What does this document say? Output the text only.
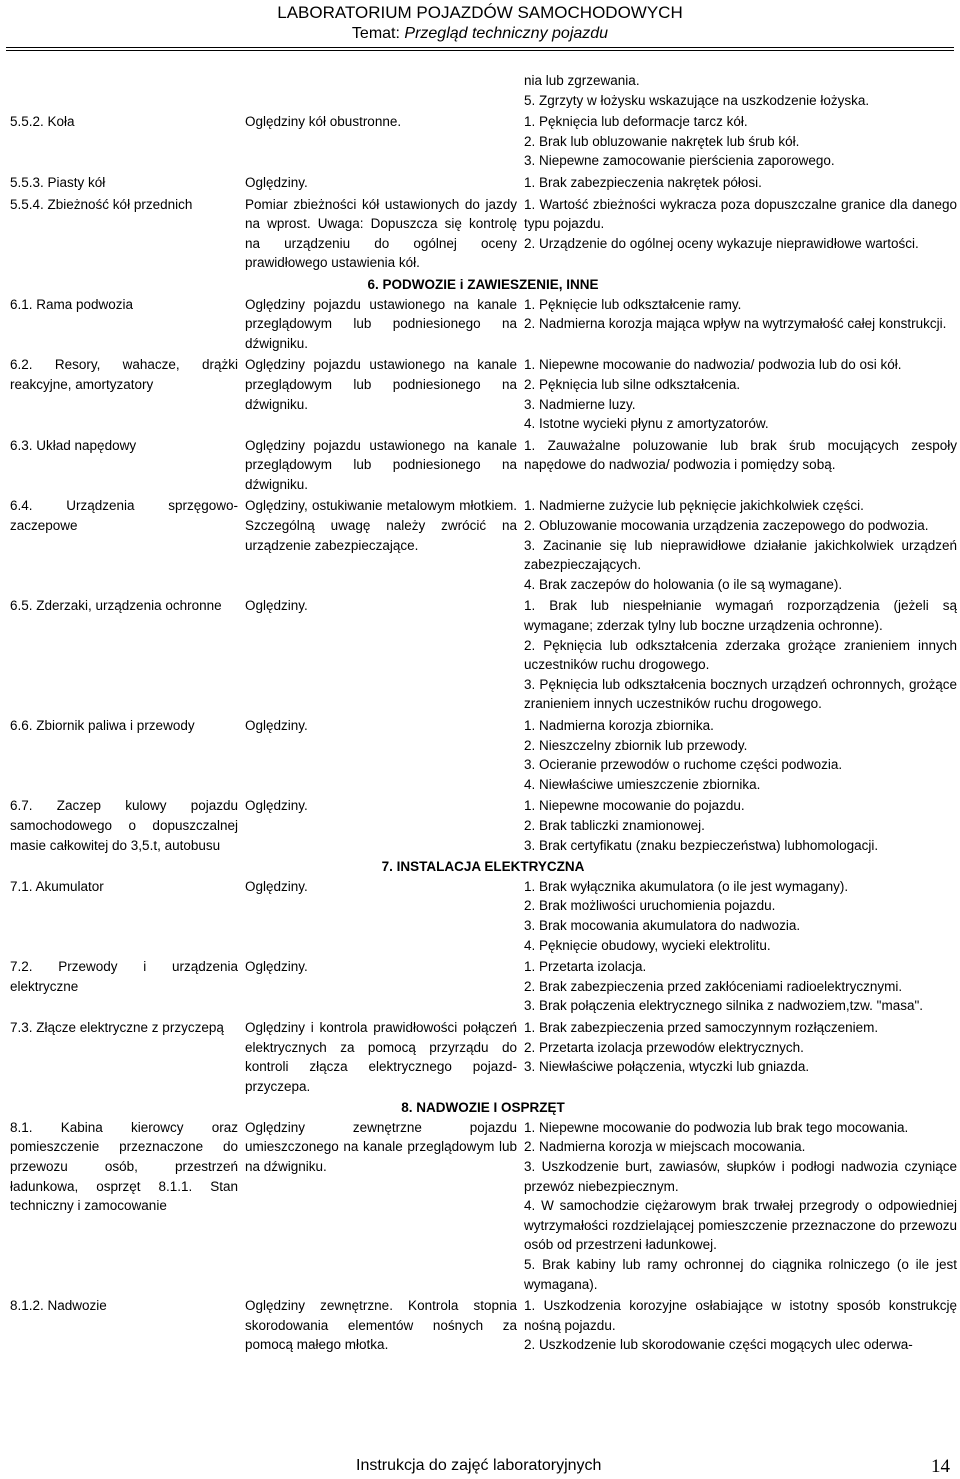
LABORATORIUM POJAZDÓW SAMOCHODOWYCH
Temat: Przegląd techniczny pojazdu

		nia lub zgrzewania.
5. Zgrzyty w łożysku wskazujące na uszkodzenie łożyska.

5.5.2. Koła	Oględziny kół obustronne.	1. Pęknięcia lub deformacje tarcz kół.
2. Brak lub obluzowanie nakrętek lub śrub kół.
3. Niepewne zamocowanie pierścienia zaporowego.

5.5.3. Piasty kół	Oględziny.	1. Brak zabezpieczenia nakrętek półosi.

5.5.4. Zbieżność kół przednich	Pomiar zbieżności kół ustawionych do jazdy na wprost. Uwaga: Dopuszcza się kontrolę na urządzeniu do ogólnej oceny prawidłowego ustawienia kół.	1. Wartość zbieżności wykracza poza dopuszczalne granice dla danego typu pojazdu.
2. Urządzenie do ogólnej oceny wykazuje nieprawidłowe wartości.

6. PODWOZIE i ZAWIESZENIE, INNE		
6.1. Rama podwozia	Oględziny pojazdu ustawionego na kanale przeglądowym lub podniesionego na dźwigniku.	1. Pęknięcie lub odkształcenie ramy.
2. Nadmierna korozja mająca wpływ na wytrzymałość całej konstrukcji.

6.2. Resory, wahacze, drążki reakcyjne, amortyzatory	Oględziny pojazdu ustawionego na kanale przeglądowym lub podniesionego na dźwigniku.	1. Niepewne mocowanie do nadwozia/ podwozia lub do osi kół.
2. Pęknięcia lub silne odkształcenia.
3. Nadmierne luzy.
4. Istotne wycieki płynu z amortyzatorów.

6.3. Układ napędowy	Oględziny pojazdu ustawionego na kanale przeglądowym lub podniesionego na dźwigniku.	1. Zauważalne poluzowanie lub brak śrub mocujących zespoły napędowe do nadwozia/ podwozia i pomiędzy sobą.

6.4. Urządzenia sprzęgowo-zaczepowe	Oględziny, ostukiwanie metalowym młotkiem. Szczególną uwagę należy zwrócić na urządzenie zabezpieczające.	1. Nadmierne zużycie lub pęknięcie jakichkolwiek części.
2. Obluzowanie mocowania urządzenia zaczepowego do podwozia.
3. Zacinanie się lub nieprawidłowe działanie jakichkolwiek urządzeń zabezpieczających.
4. Brak zaczepów do holowania (o ile są wymagane).

6.5. Zderzaki, urządzenia ochronne	Oględziny.	1. Brak lub niespełnianie wymagań rozporządzenia (jeżeli są wymagane; zderzak tylny lub boczne urządzenia ochronne).
2. Pęknięcia lub odkształcenia zderzaka grożące zranieniem innych uczestników ruchu drogowego.
3. Pęknięcia lub odkształcenia bocznych urządzeń ochronnych, grożące zranieniem innych uczestników ruchu drogowego.

6.6. Zbiornik paliwa i przewody	Oględziny.	1. Nadmierna korozja zbiornika.
2. Nieszczelny zbiornik lub przewody.
3. Ocieranie przewodów o ruchome części podwozia.
4. Niewłaściwe umieszczenie zbiornika.

6.7. Zaczep kulowy pojazdu samochodowego o dopuszczalnej masie całkowitej do 3,5.t, autobusu	Oględziny.	1. Niepewne mocowanie do pojazdu.
2. Brak tabliczki znamionowej.
3. Brak certyfikatu (znaku bezpieczeństwa) lubhomologacji.

7. INSTALACJA ELEKTRYCZNA		
7.1. Akumulator	Oględziny.	1. Brak wyłącznika akumulatora (o ile jest wymagany).
2. Brak możliwości uruchomienia pojazdu.
3. Brak mocowania akumulatora do nadwozia.
4. Pęknięcie obudowy, wycieki elektrolitu.

7.2. Przewody i urządzenia elektryczne	Oględziny.	1. Przetarta izolacja.
2. Brak zabezpieczenia przed zakłóceniami radioelektrycznymi.
3. Brak połączenia elektrycznego silnika z nadwoziem,tzw. "masa".

7.3. Złącze elektryczne z przyczepą	Oględziny i kontrola prawidłowości połączeń elektrycznych za pomocą przyrządu do kontroli złącza elektrycznego pojazd-przyczepa.	1. Brak zabezpieczenia przed samoczynnym rozłączeniem.
2. Przetarta izolacja przewodów elektrycznych.
3. Niewłaściwe połączenia, wtyczki lub gniazda.

8. NADWOZIE I OSPRZĘT		
8.1. Kabina kierowcy oraz pomieszczenie przeznaczone do przewozu osób, przestrzeń ładunkowa, osprzęt 8.1.1. Stan techniczny i zamocowanie	Oględziny zewnętrzne pojazdu umieszczonego na kanale przeglądowym lub na dźwigniku.	1. Niepewne mocowanie do podwozia lub brak tego mocowania.
2. Nadmierna korozja w miejscach mocowania.
3. Uszkodzenie burt, zawiasów, słupków i podłogi nadwozia czyniące przewóz niebezpiecznym.
4. W samochodzie ciężarowym brak trwałej przegrody o odpowiedniej wytrzymałości rozdzielającej pomieszczenie przeznaczone do przewozu osób od przestrzeni ładunkowej.
5. Brak kabiny lub ramy ochronnej do ciągnika rolniczego (o ile jest wymagana).

8.1.2. Nadwozie	Oględziny zewnętrzne. Kontrola stopnia skorodowania elementów nośnych za pomocą małego młotka.	1. Uszkodzenia korozyjne osłabiające w istotny sposób konstrukcję nośną pojazdu.
2. Uszkodzenie lub skorodowanie części mogących ulec oderwa-
Instrukcja do zajęć laboratoryjnych	14
